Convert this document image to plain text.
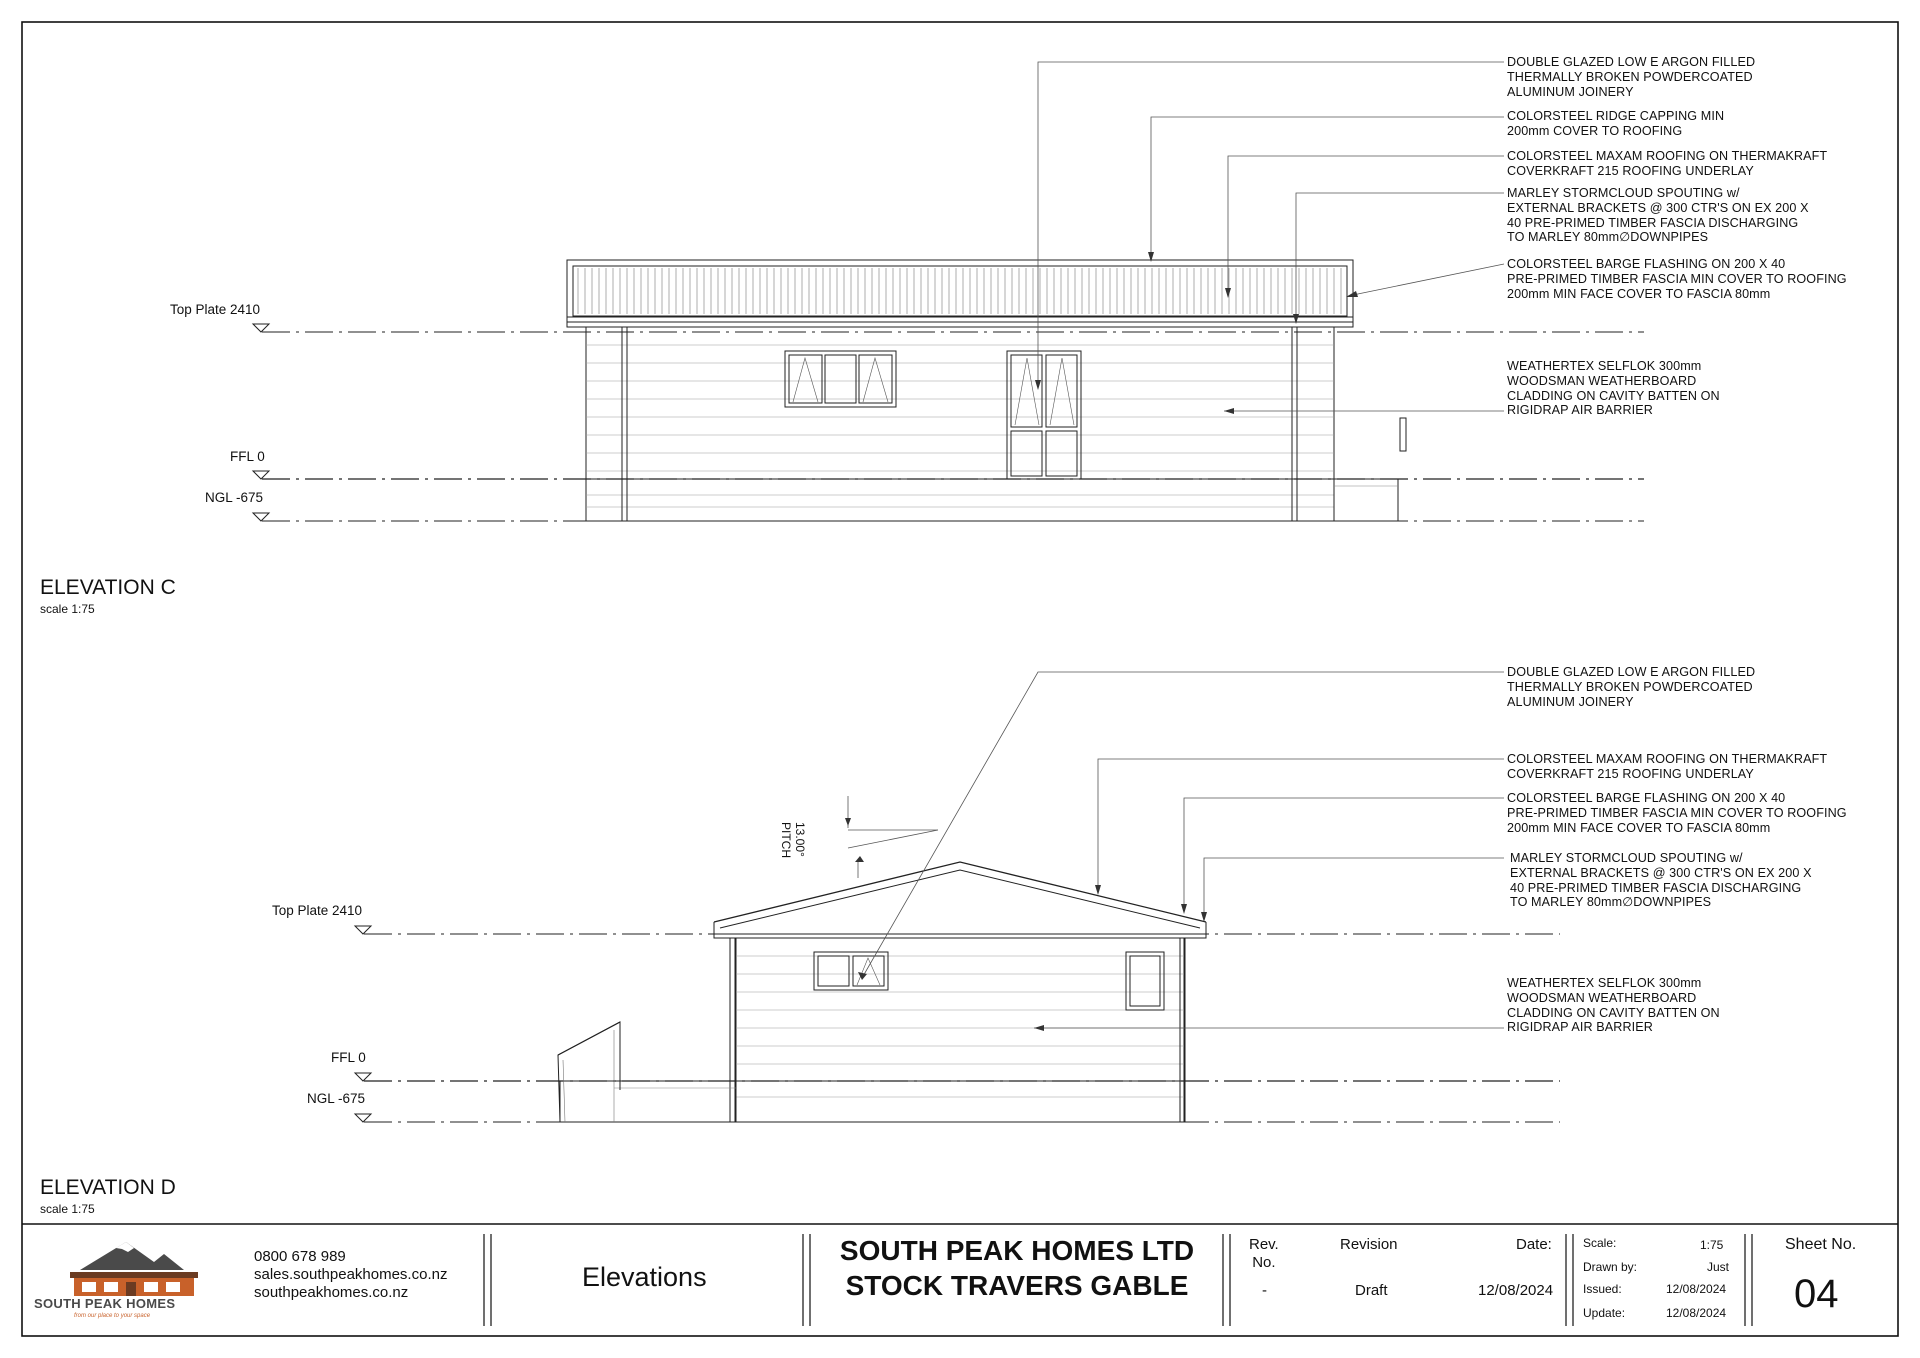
Top Plate 2410
FFL 0
NGL -675
ELEVATION C
scale 1:75
DOUBLE GLAZED LOW E ARGON FILLED
THERMALLY BROKEN POWDERCOATED
ALUMINUM JOINERY
COLORSTEEL RIDGE CAPPING MIN
200mm COVER TO ROOFING
COLORSTEEL MAXAM ROOFING ON THERMAKRAFT
COVERKRAFT 215 ROOFING UNDERLAY
MARLEY STORMCLOUD SPOUTING w/
EXTERNAL BRACKETS @ 300 CTR'S ON EX 200 X
40 PRE-PRIMED TIMBER FASCIA DISCHARGING
TO MARLEY 80mm∅DOWNPIPES
COLORSTEEL BARGE FLASHING ON 200 X 40
PRE-PRIMED TIMBER FASCIA MIN COVER TO ROOFING
200mm MIN FACE COVER TO FASCIA 80mm
WEATHERTEX SELFLOK 300mm
WOODSMAN WEATHERBOARD
CLADDING ON CAVITY BATTEN ON
RIGIDRAP AIR BARRIER
Top Plate 2410
FFL 0
NGL -675
13.00°
PITCH
ELEVATION D
scale 1:75
DOUBLE GLAZED LOW E ARGON FILLED
THERMALLY BROKEN POWDERCOATED
ALUMINUM JOINERY
COLORSTEEL MAXAM ROOFING ON THERMAKRAFT
COVERKRAFT 215 ROOFING UNDERLAY
COLORSTEEL BARGE FLASHING ON 200 X 40
PRE-PRIMED TIMBER FASCIA MIN COVER TO ROOFING
200mm MIN FACE COVER TO FASCIA 80mm
MARLEY STORMCLOUD SPOUTING w/
EXTERNAL BRACKETS @ 300 CTR'S ON EX 200 X
40 PRE-PRIMED TIMBER FASCIA DISCHARGING
TO MARLEY 80mm∅DOWNPIPES
WEATHERTEX SELFLOK 300mm
WOODSMAN WEATHERBOARD
CLADDING ON CAVITY BATTEN ON
RIGIDRAP AIR BARRIER
SOUTH PEAK HOMES
from our place to your space
0800 678 989
sales.southpeakhomes.co.nz
southpeakhomes.co.nz
Elevations
SOUTH PEAK HOMES LTD
STOCK TRAVERS GABLE
Rev.
No.
Revision	Date:
-	Draft	12/08/2024
Scale:	1:75
Drawn by:	Just
Issued:	12/08/2024
Update:	12/08/2024
Sheet No.
04
